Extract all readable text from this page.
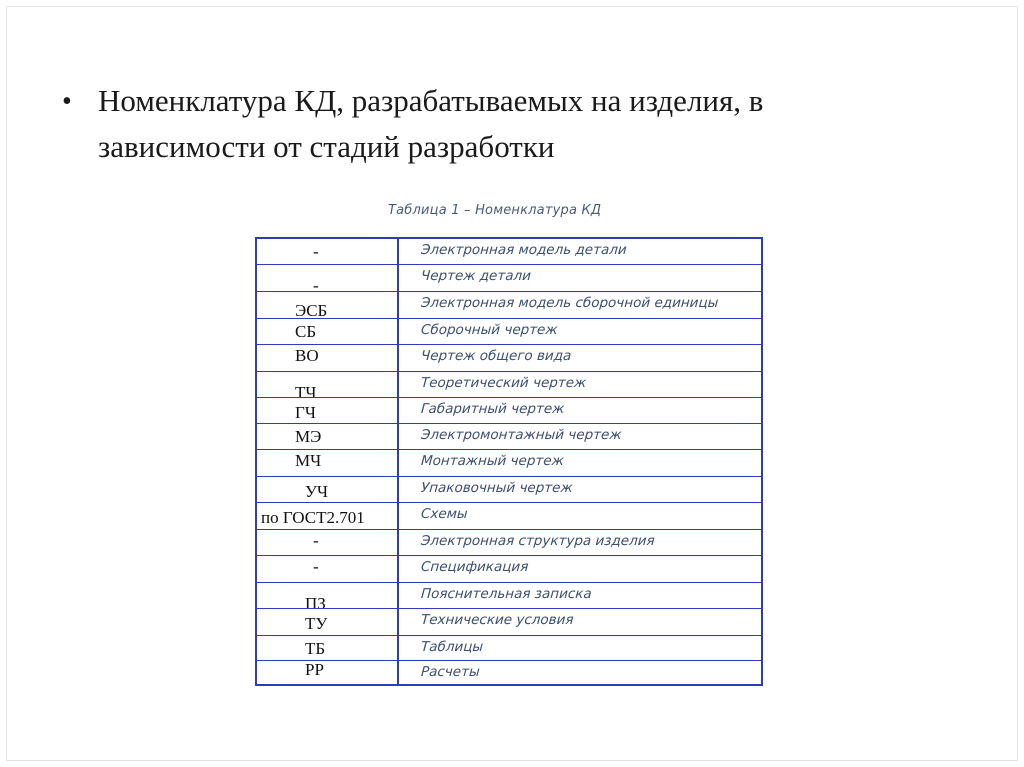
• Номенклатура КД, разрабатываемых на изделия, в
зависимости от стадий разработки
Таблица 1 – Номенклатура КД
-	Электронная модель детали
-	Чертеж детали
ЭСБ	Электронная модель сборочной единицы
СБ	Сборочный чертеж
ВО	Чертеж общего вида
ТЧ	Теоретический чертеж
ГЧ	Габаритный чертеж
МЭ	Электромонтажный чертеж
МЧ	Монтажный чертеж
УЧ	Упаковочный чертеж
по ГОСТ2.701	Схемы
-	Электронная структура изделия
-	Спецификация
ПЗ	Пояснительная записка
ТУ	Технические условия
ТБ	Таблицы
РР	Расчеты
